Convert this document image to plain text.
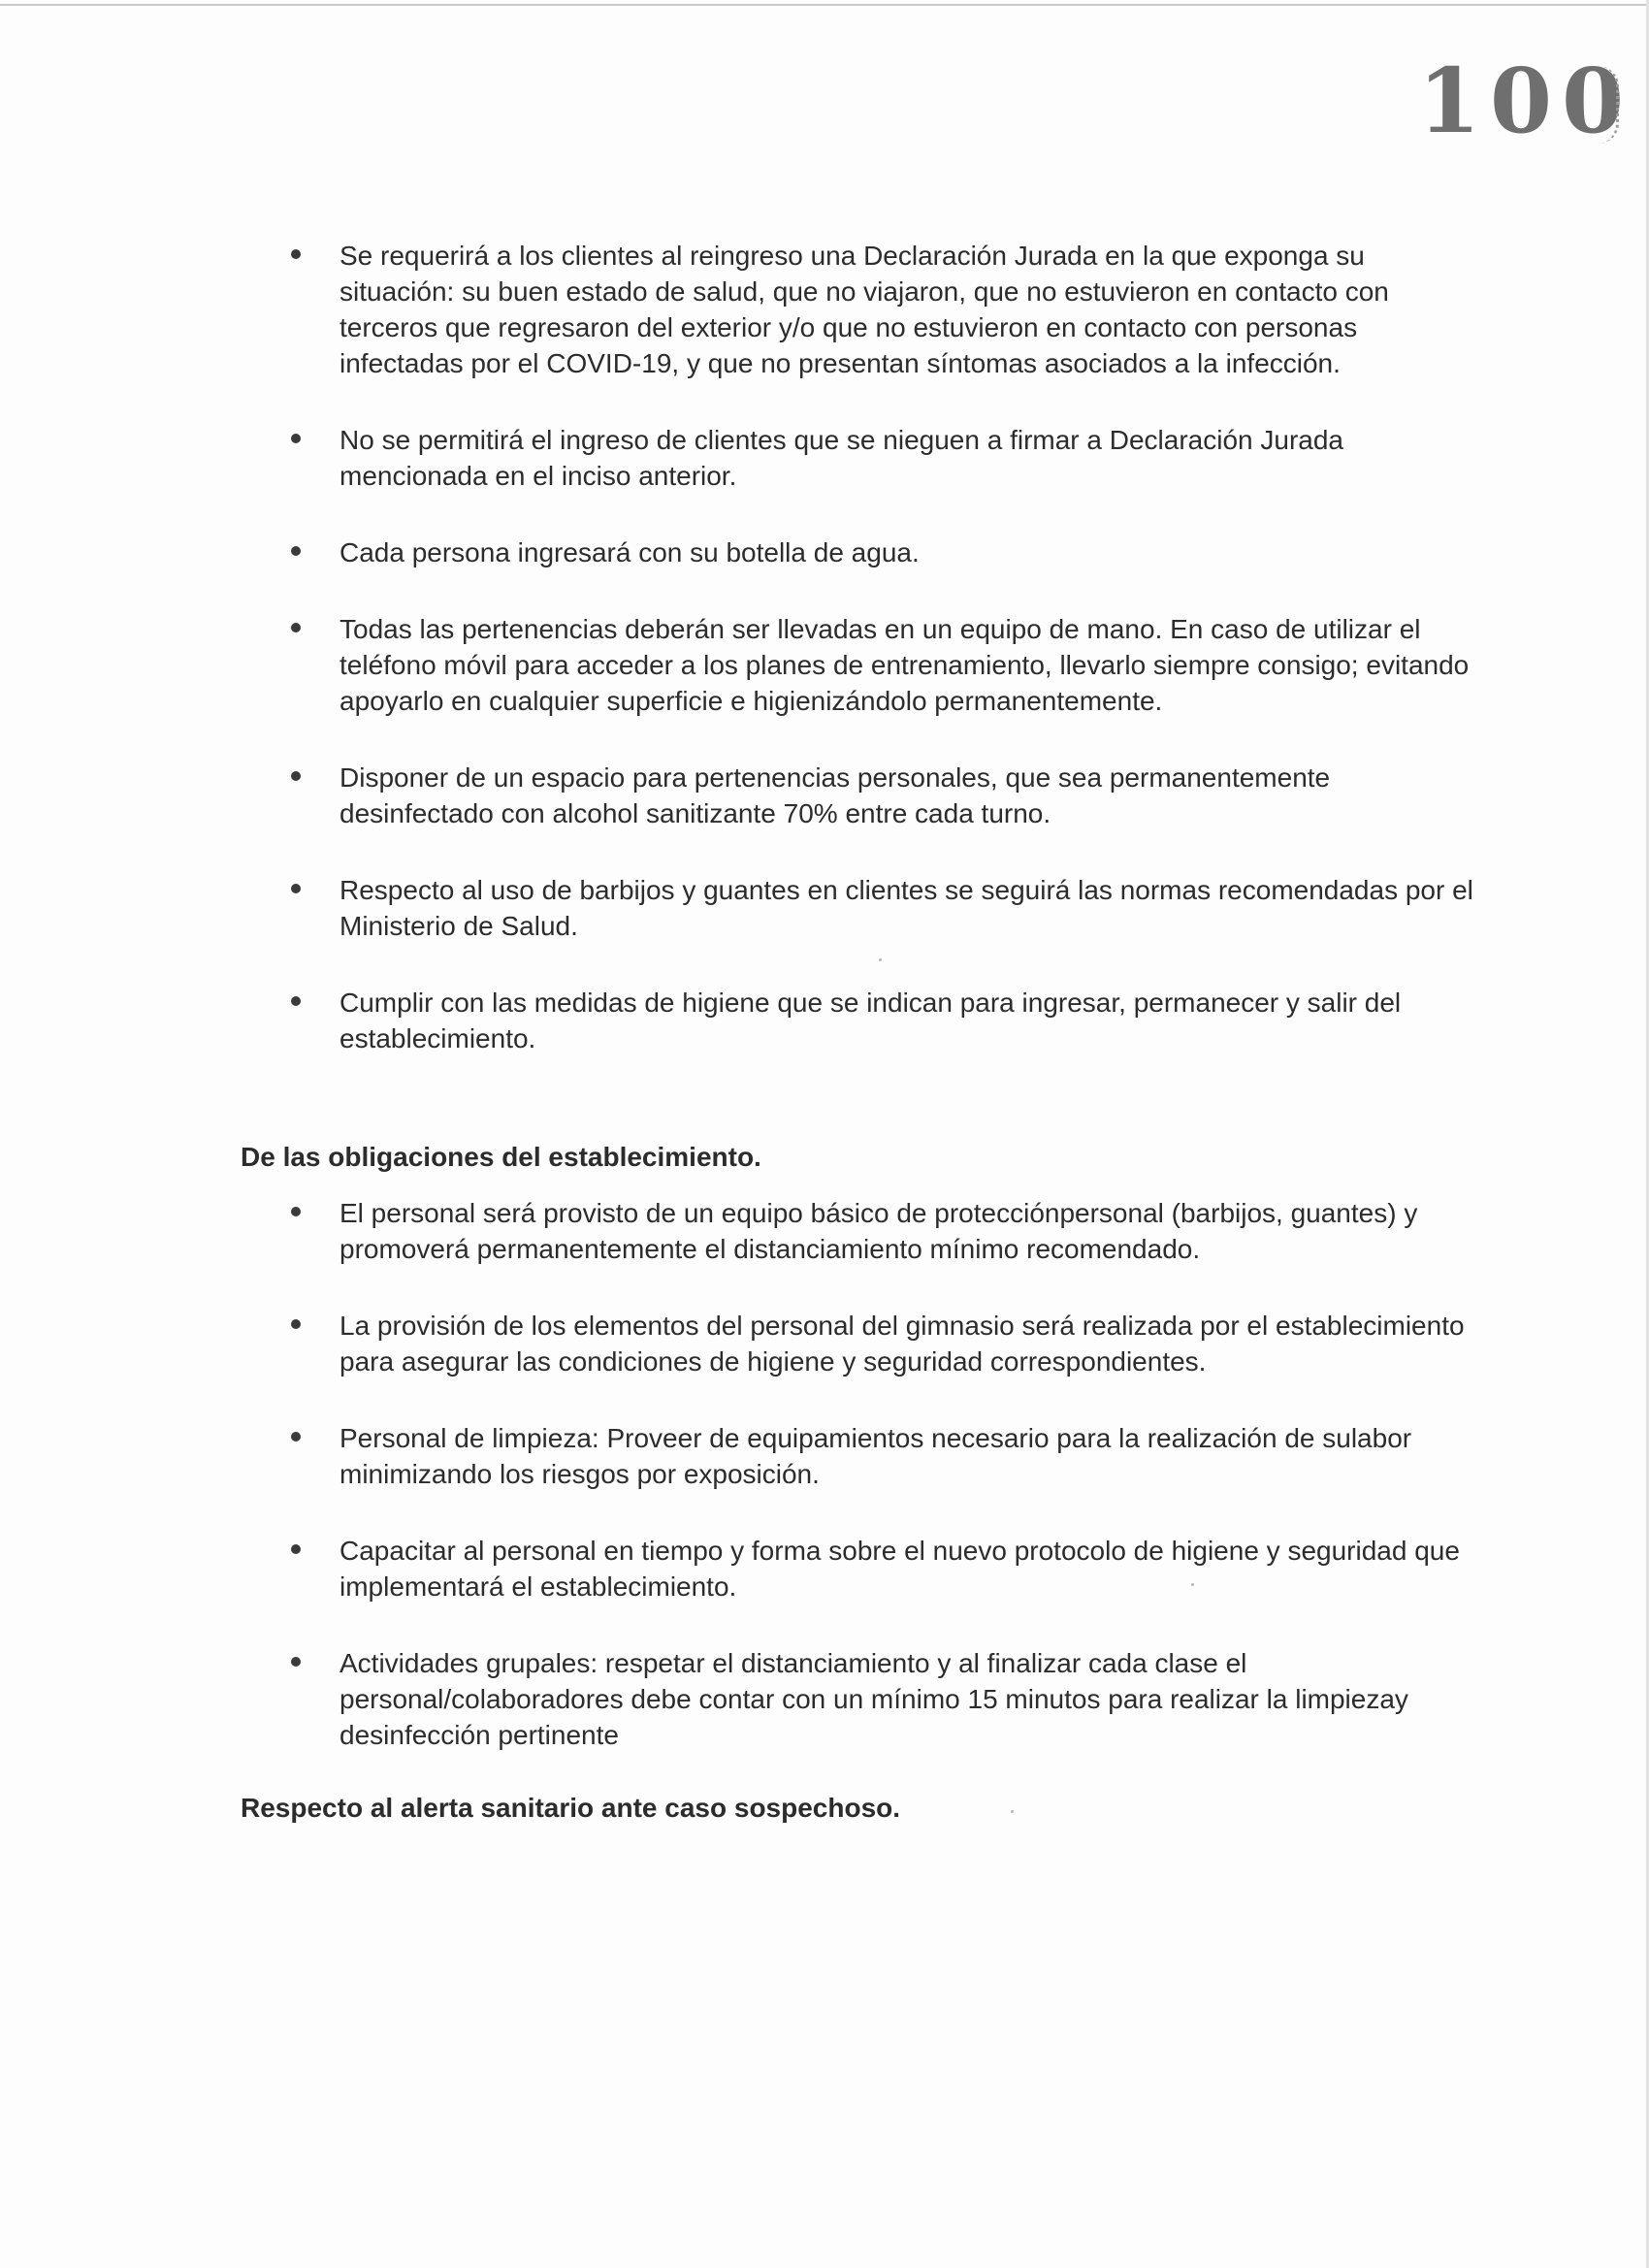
100
Se requerirá a los clientes al reingreso una Declaración Jurada en la que exponga su situación: su buen estado de salud, que no viajaron, que no estuvieron en contacto con terceros que regresaron del exterior y/o que no estuvieron en contacto con personas infectadas por el COVID-19, y que no presentan síntomas asociados a la infección.
No se permitirá el ingreso de clientes que se nieguen a firmar a Declaración Jurada mencionada en el inciso anterior.
Cada persona ingresará con su botella de agua.
Todas las pertenencias deberán ser llevadas en un equipo de mano. En caso de utilizar el teléfono móvil para acceder a los planes de entrenamiento, llevarlo siempre consigo; evitando apoyarlo en cualquier superficie e higienizándolo permanentemente.
Disponer de un espacio para pertenencias personales, que sea permanentemente desinfectado con alcohol sanitizante 70% entre cada turno.
Respecto al uso de barbijos y guantes en clientes se seguirá las normas recomendadas por el Ministerio de Salud.
Cumplir con las medidas de higiene que se indican para ingresar, permanecer y salir del establecimiento.
De las obligaciones del establecimiento.
El personal será provisto de un equipo básico de protecciónpersonal (barbijos, guantes) y promoverá permanentemente el distanciamiento mínimo recomendado.
La provisión de los elementos del personal del gimnasio será realizada por el establecimiento para asegurar las condiciones de higiene y seguridad correspondientes.
Personal de limpieza: Proveer de equipamientos necesario para la realización de sulabor minimizando los riesgos por exposición.
Capacitar al personal en tiempo y forma sobre el nuevo protocolo de higiene y seguridad que implementará el establecimiento.
Actividades grupales: respetar el distanciamiento y al finalizar cada clase el personal/colaboradores debe contar con un mínimo 15 minutos para realizar la limpiezay desinfección pertinente
Respecto al alerta sanitario ante caso sospechoso.
